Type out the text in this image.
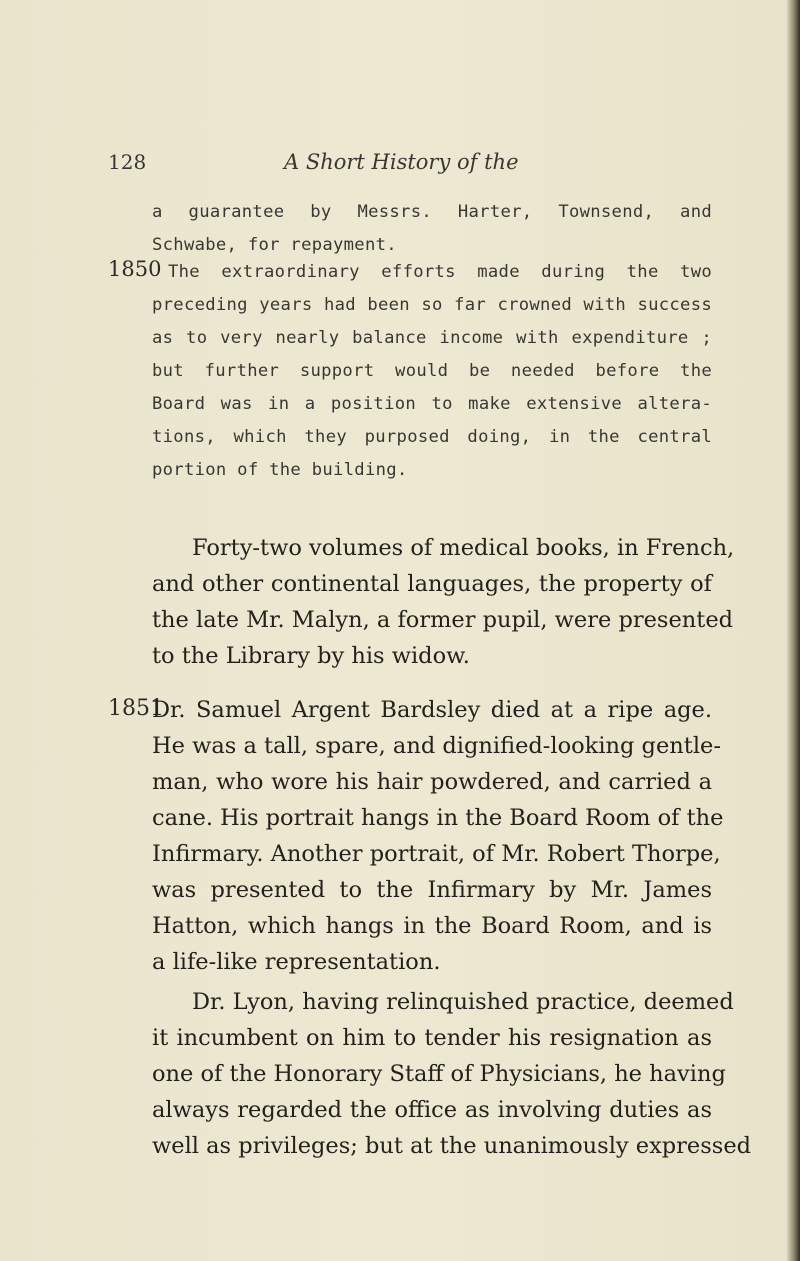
128	A Short History of the
a guarantee by Messrs. Harter, Townsend, and
Schwabe, for repayment.
1850 The extraordinary efforts made during the two
preceding years had been so far crowned with success
as to very nearly balance income with expenditure ;
but further support would be needed before the
Board was in a position to make extensive altera-
tions, which they purposed doing, in the central
portion of the building.
Forty-two volumes of medical books, in French,
and other continental languages, the property of
the late Mr. Malyn, a former pupil, were presented
to the Library by his widow.
1851
Dr. Samuel Argent Bardsley died at a ripe age.
He was a tall, spare, and dignified-looking gentle-
man, who wore his hair powdered, and carried a
cane. His portrait hangs in the Board Room of the
Infirmary. Another portrait, of Mr. Robert Thorpe,
was presented to the Infirmary by Mr. James
Hatton, which hangs in the Board Room, and is
a life-like representation.
Dr. Lyon, having relinquished practice, deemed
it incumbent on him to tender his resignation as
one of the Honorary Staff of Physicians, he having
always regarded the office as involving duties as
well as privileges; but at the unanimously expressed
